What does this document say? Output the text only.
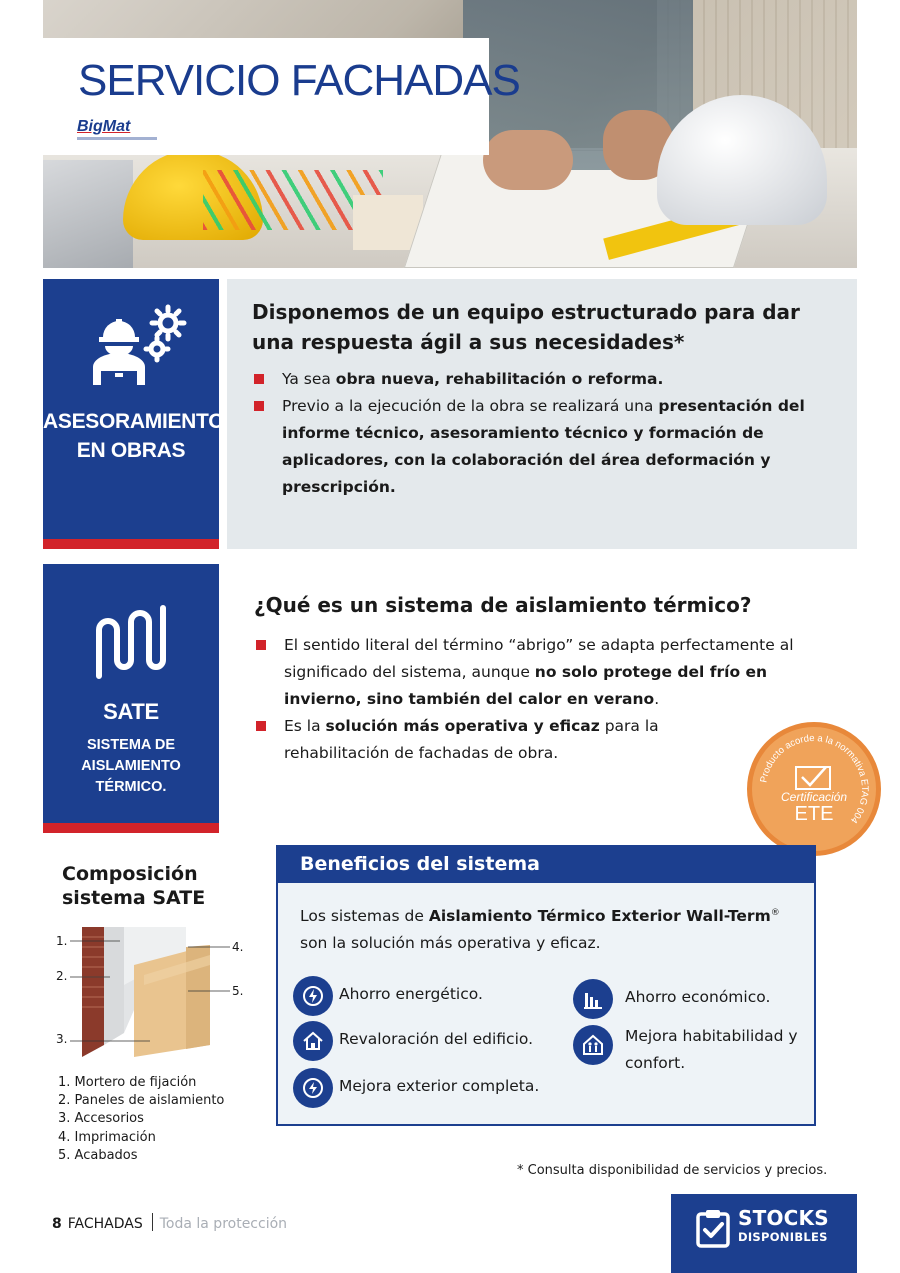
SERVICIO FACHADAS
BigMat
ASESORAMIENTO
EN OBRAS
Disponemos de un equipo estructurado para dar una respuesta ágil a sus necesidades*
Ya sea obra nueva, rehabilitación o reforma.
Previo a la ejecución de la obra se realizará una presentación del informe técnico, asesoramiento técnico y formación de aplicadores, con la colaboración del área deformación y prescripción.
SATE
SISTEMA DE
AISLAMIENTO
TÉRMICO.
¿Qué es un sistema de aislamiento térmico?
El sentido literal del término “abrigo” se adapta perfectamente al significado del sistema, aunque no solo protege del frío en invierno, sino también del calor en verano.
Es la solución más operativa y eficaz para la rehabilitación de fachadas de obra.
Producto acorde a la normativa ETAG 004
Certificación
ETE
Composición
sistema SATE
1.
2.
3.
4.
5.
1. Mortero de fijación
2. Paneles de aislamiento
3. Accesorios
4. Imprimación
5. Acabados
Beneficios del sistema
Los sistemas de Aislamiento Térmico Exterior Wall-Term® son la solución más operativa y eficaz.
Ahorro energético.
Revaloración del edificio.
Mejora exterior completa.
Ahorro económico.
Mejora habitabilidad y confort.
* Consulta disponibilidad de servicios y precios.
8 FACHADAS Toda la protección	STOCKS
DISPONIBLES
